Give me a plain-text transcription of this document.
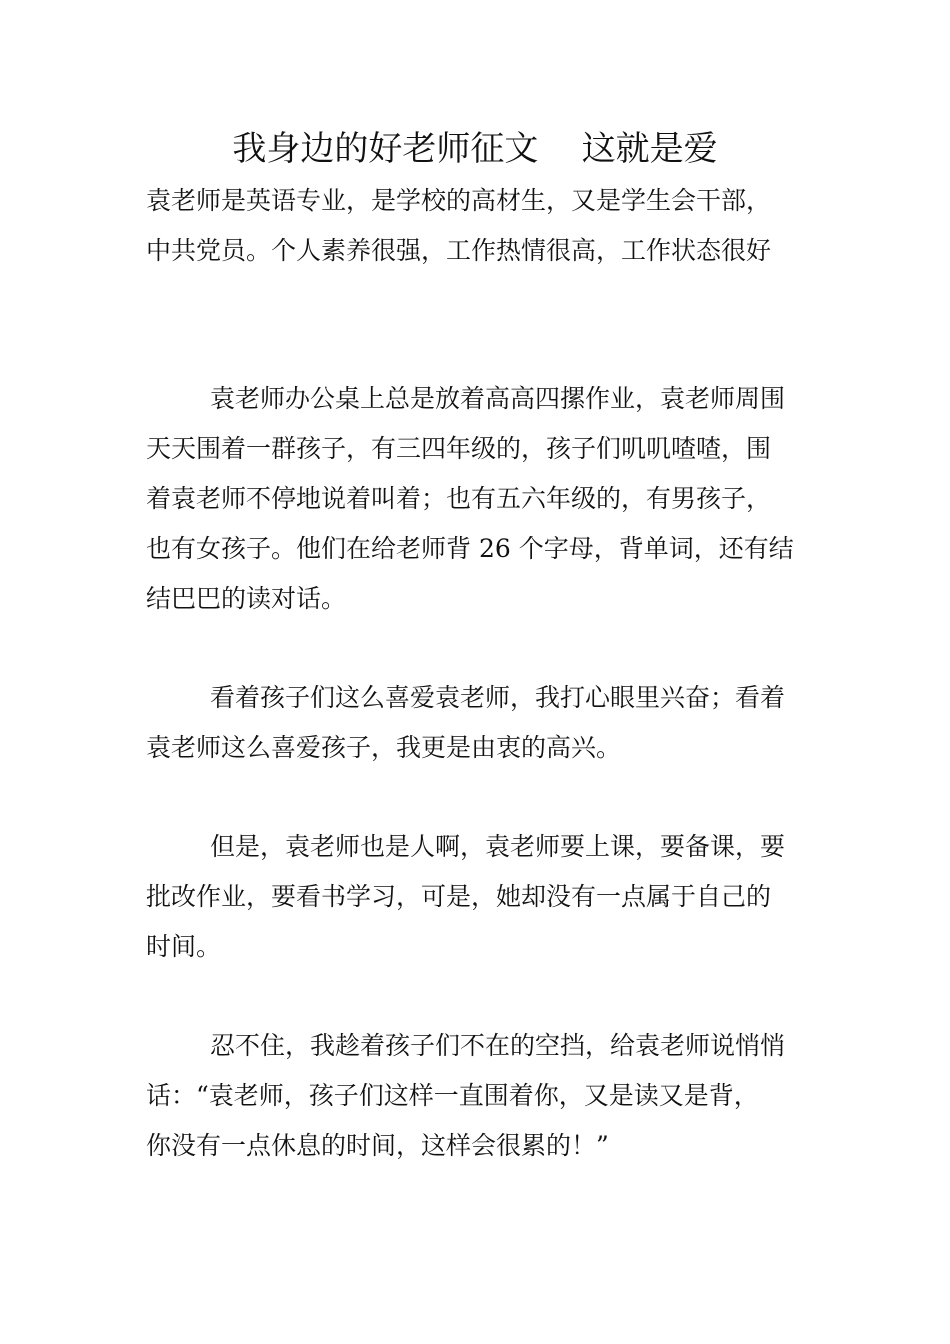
我身边的好老师征文    这就是爱

袁老师是英语专业，是学校的高材生，又是学生会干部，
中共党员。个人素养很强，工作热情很高，工作状态很好

袁老师办公桌上总是放着高高四摞作业，袁老师周围
天天围着一群孩子，有三四年级的，孩子们叽叽喳喳，围
着袁老师不停地说着叫着；也有五六年级的，有男孩子，
也有女孩子。他们在给老师背 26 个字母，背单词，还有结
结巴巴的读对话。

看着孩子们这么喜爱袁老师，我打心眼里兴奋；看着
袁老师这么喜爱孩子，我更是由衷的高兴。

但是，袁老师也是人啊，袁老师要上课，要备课，要
批改作业，要看书学习，可是，她却没有一点属于自己的
时间。

忍不住，我趁着孩子们不在的空挡，给袁老师说悄悄
话：“袁老师，孩子们这样一直围着你，又是读又是背，
你没有一点休息的时间，这样会很累的！”
